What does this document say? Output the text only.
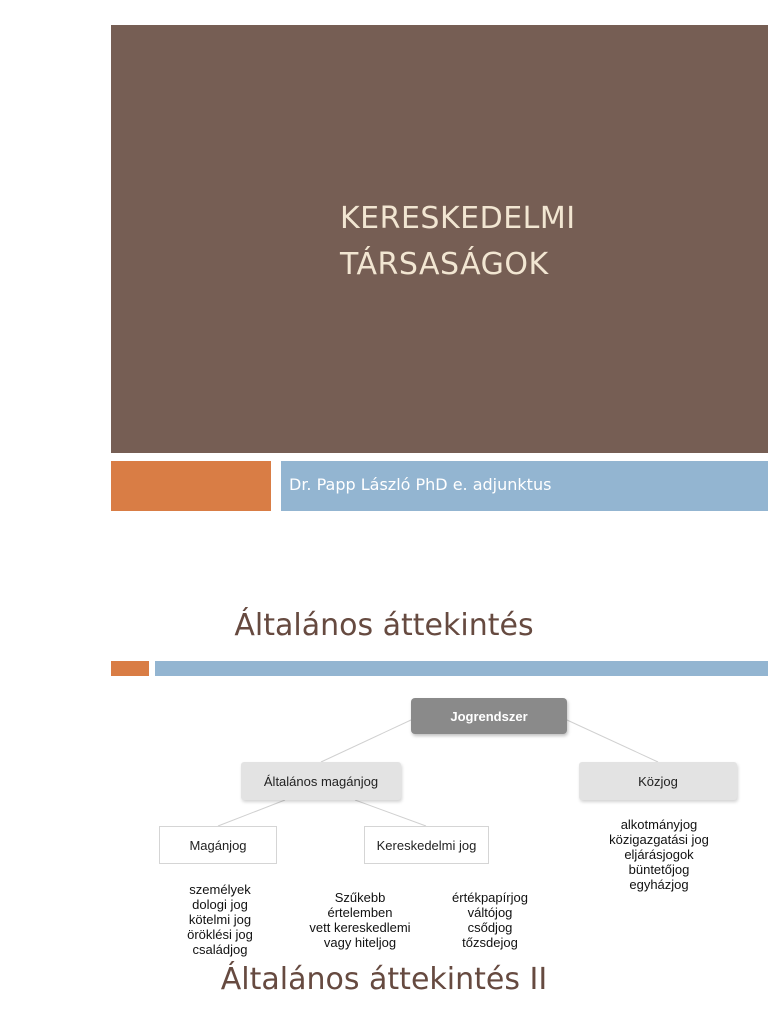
KERESKEDELMI
TÁRSASÁGOK
Dr. Papp László PhD e. adjunktus
Általános áttekintés
Jogrendszer
Általános magánjog	Közjog
Magánjog	Kereskedelmi jog
személyek
dologi jog
kötelmi jog
öröklési jog
családjog
Szűkebb
értelemben
vett kereskedlemi
vagy hiteljog
értékpapírjog
váltójog
csődjog
tőzsdejog
alkotmányjog
közigazgatási jog
eljárásjogok
büntetőjog
egyházjog
Általános áttekintés II
